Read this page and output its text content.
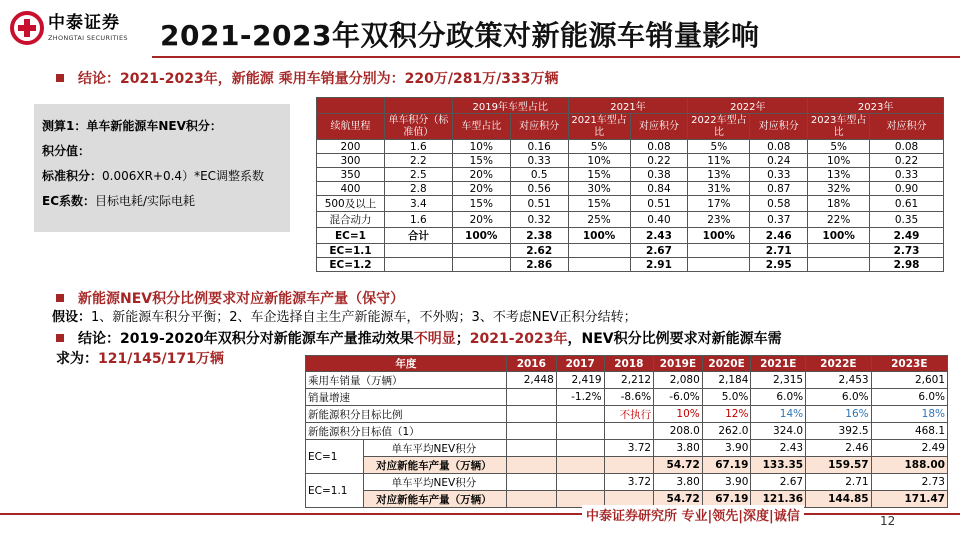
中泰证券
ZHONGTAI SECURITIES 2021-2023年双积分政策对新能源车销量影响
结论：2021-2023年，新能源 乘用车销量分别为：220万/281万/333万辆
测算1：单车新能源车NEV积分：
积分值：
标准积分：0.006XR+0.4）*EC调整系数
EC系数：目标电耗/实际电耗
		2019年车型占比		2021年		2022年		2023年	
续航里程	单车积分（标准值）	车型占比	对应积分	2021车型占比	对应积分	2022车型占比	对应积分	2023车型占比	对应积分
200	1.6	10%	0.16	5%	0.08	5%	0.08	5%	0.08
300	2.2	15%	0.33	10%	0.22	11%	0.24	10%	0.22
350	2.5	20%	0.5	15%	0.38	13%	0.33	13%	0.33
400	2.8	20%	0.56	30%	0.84	31%	0.87	32%	0.90
500及以上	3.4	15%	0.51	15%	0.51	17%	0.58	18%	0.61
混合动力	1.6	20%	0.32	25%	0.40	23%	0.37	22%	0.35
EC=1	合计	100%	2.38	100%	2.43	100%	2.46	100%	2.49
EC=1.1			2.62		2.67		2.71		2.73
EC=1.2			2.86		2.91		2.95		2.98
新能源NEV积分比例要求对应新能源车产量（保守）
假设：1、新能源车积分平衡；2、车企选择自主生产新能源车，不外购；3、不考虑NEV正积分结转；
结论：2019-2020年双积分对新能源车产量推动效果 不明显 ； 2021-2023年 ，NEV积分比例要求对新能源车需
求为： 121/145/171万辆	年度		2016	2017	2018	2019E	2020E	2021E	2022E	2023E
乘用车销量（万辆）		2,448	2,419	2,212	2,080	2,184	2,315	2,453	2,601
销量增速			-1.2%	-8.6%	-6.0%	5.0%	6.0%	6.0%	6.0%
新能源积分目标比例				不执行	10%	12%	14%	16%	18%
新能源积分目标值（1）					208.0	262.0	324.0	392.5	468.1
EC=1	单车平均NEV积分			3.72	3.80	3.90	2.43	2.46	2.49
	对应新能车产量（万辆）				54.72	67.19	133.35	159.57	188.00
EC=1.1	单车平均NEV积分			3.72	3.80	3.90	2.67	2.71	2.73
	对应新能车产量（万辆）				54.72	67.19	121.36	144.85	171.47
中泰证券研究所 专业|领先|深度|诚信	12
